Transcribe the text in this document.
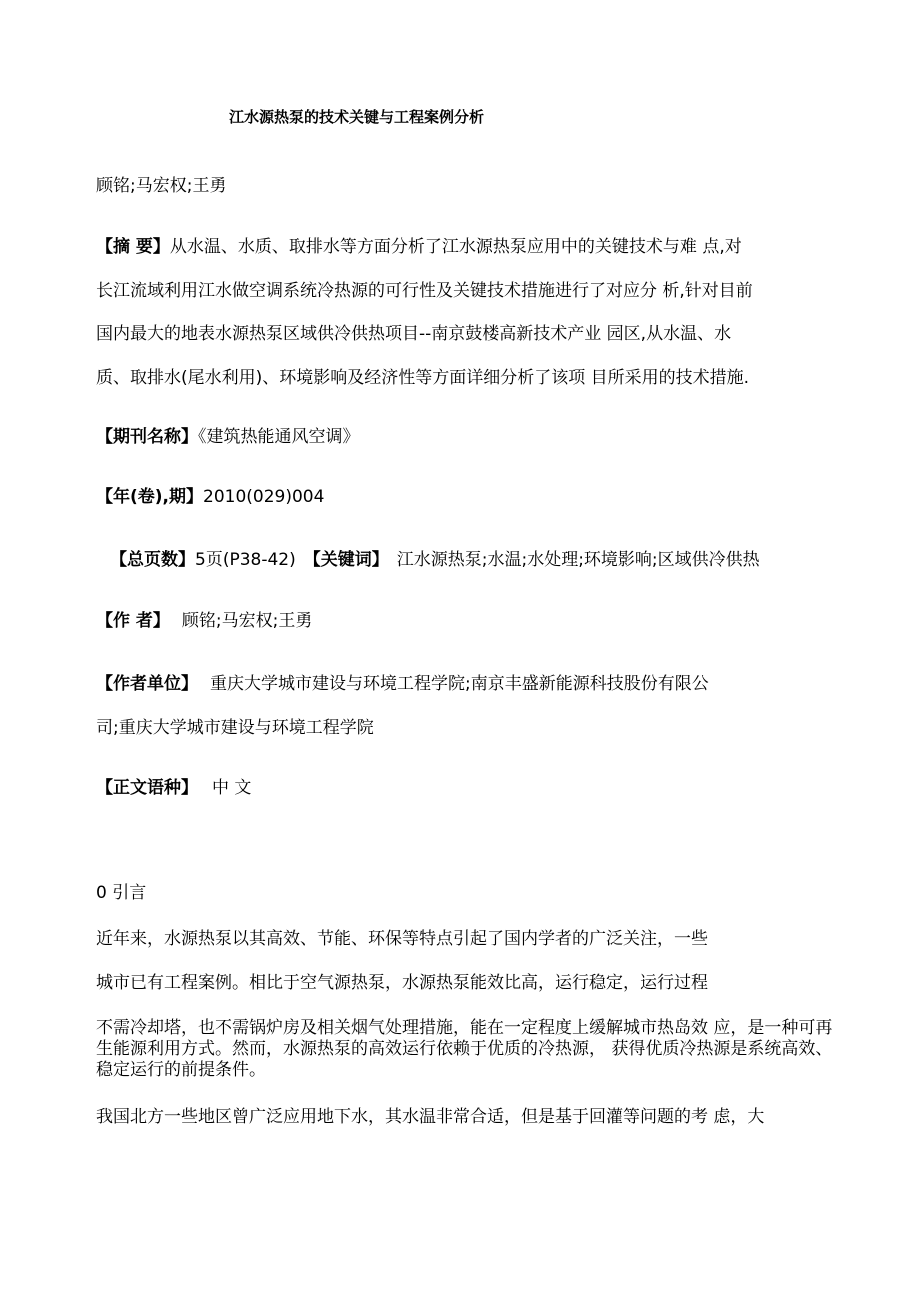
江水源热泵的技术关键与工程案例分析
顾铭;马宏权;王勇
【摘 要】从水温、水质、取排水等方面分析了江水源热泵应用中的关键技术与难 点,对
长江流域利用江水做空调系统冷热源的可行性及关键技术措施进行了对应分 析,针对目前
国内最大的地表水源热泵区域供冷供热项目--南京鼓楼高新技术产业 园区,从水温、水
质、取排水(尾水利用)、环境影响及经济性等方面详细分析了该项 目所采用的技术措施.
【期刊名称】《建筑热能通风空调》
【年(卷),期】2010(029)004
【总页数】5页(P38-42) 【关键词】 江水源热泵;水温;水处理;环境影响;区域供冷供热
【作 者】 顾铭;马宏权;王勇
【作者单位】 重庆大学城市建设与环境工程学院;南京丰盛新能源科技股份有限公
司;重庆大学城市建设与环境工程学院
【正文语种】 中 文
0 引言
近年来，水源热泵以其高效、节能、环保等特点引起了国内学者的广泛关注，一些
城市已有工程案例。相比于空气源热泵，水源热泵能效比高，运行稳定，运行过程
不需冷却塔，也不需锅炉房及相关烟气处理措施，能在一定程度上缓解城市热岛效 应，是一种可再生能源利用方式。然而，水源热泵的高效运行依赖于优质的冷热源， 获得优质冷热源是系统高效、稳定运行的前提条件。
我国北方一些地区曾广泛应用地下水，其水温非常合适，但是基于回灌等问题的考 虑，大
